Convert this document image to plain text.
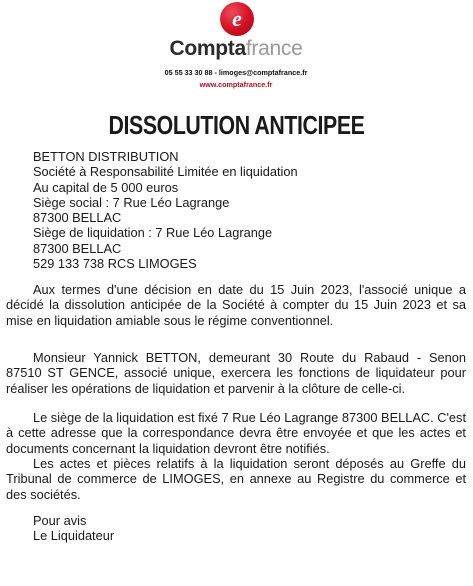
e
Comptafrance
05 55 33 30 88 - limoges@comptafrance.fr
www.comptafrance.fr
DISSOLUTION ANTICIPEE
BETTON DISTRIBUTION
Société à Responsabilité Limitée en liquidation
Au capital de 5 000 euros
Siège social : 7 Rue Léo Lagrange
87300 BELLAC
Siège de liquidation : 7 Rue Léo Lagrange
87300 BELLAC
529 133 738 RCS LIMOGES

Aux termes d'une décision en date du 15 Juin 2023, l'associé unique a décidé la dissolution anticipée de la Société à compter du 15 Juin 2023 et sa mise en liquidation amiable sous le régime conventionnel.

Monsieur Yannick BETTON, demeurant 30 Route du Rabaud - Senon 87510 ST GENCE, associé unique, exercera les fonctions de liquidateur pour réaliser les opérations de liquidation et parvenir à la clôture de celle-ci.

Le siège de la liquidation est fixé 7 Rue Léo Lagrange 87300 BELLAC. C'est à cette adresse que la correspondance devra être envoyée et que les actes et documents concernant la liquidation devront être notifiés.

Les actes et pièces relatifs à la liquidation seront déposés au Greffe du Tribunal de commerce de LIMOGES, en annexe au Registre du commerce et des sociétés.

Pour avis
Le Liquidateur
